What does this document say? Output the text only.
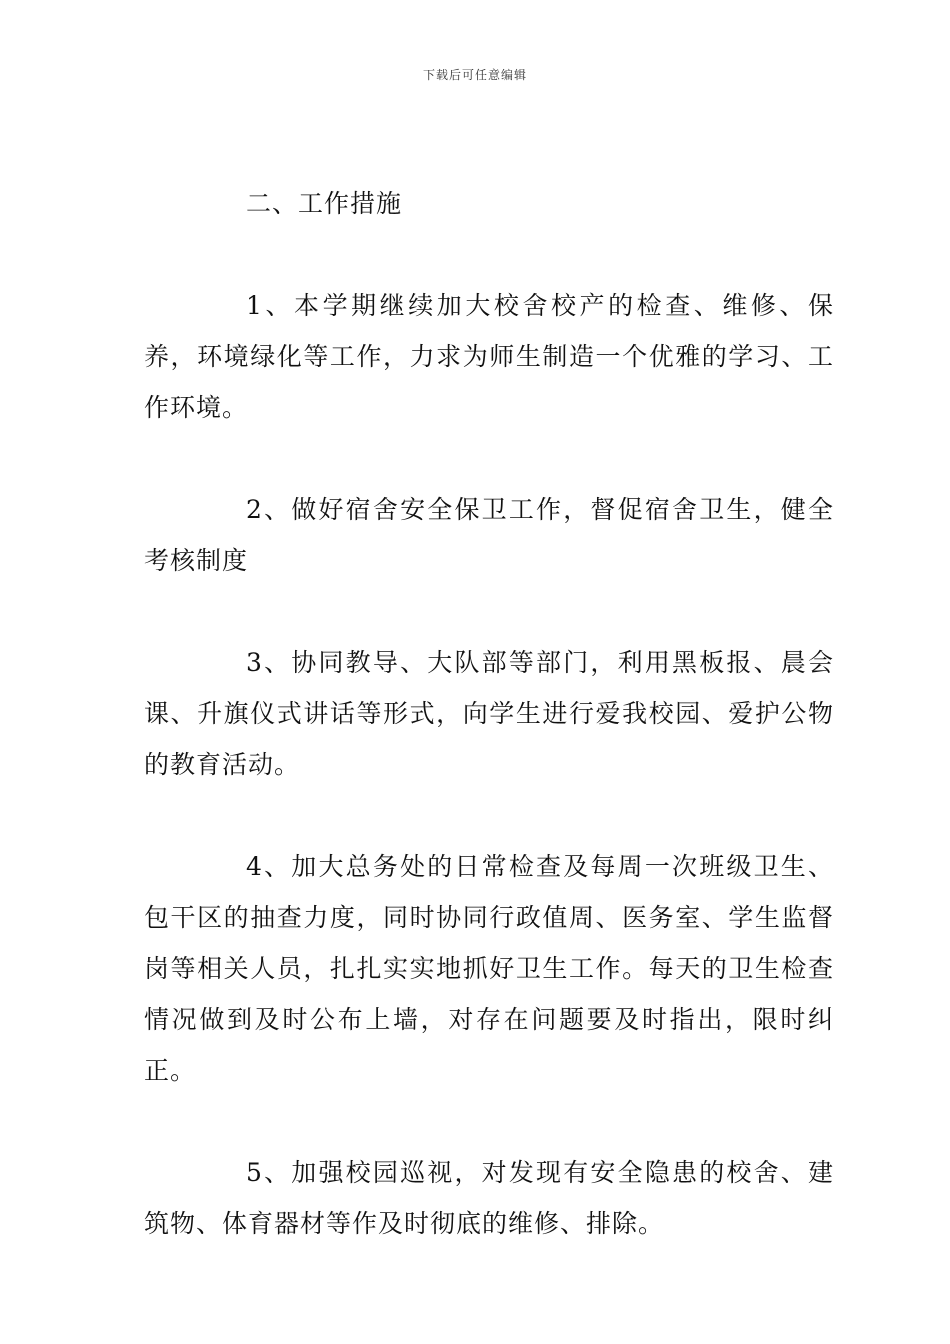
下载后可任意编辑
二、工作措施

1、本学期继续加大校舍校产的检查、维修、保养，环境绿化等工作，力求为师生制造一个优雅的学习、工作环境。

2、做好宿舍安全保卫工作，督促宿舍卫生，健全考核制度

3、协同教导、大队部等部门，利用黑板报、晨会课、升旗仪式讲话等形式，向学生进行爱我校园、爱护公物的教育活动。

4、加大总务处的日常检查及每周一次班级卫生、包干区的抽查力度，同时协同行政值周、医务室、学生监督岗等相关人员，扎扎实实地抓好卫生工作。每天的卫生检查情况做到及时公布上墙，对存在问题要及时指出，限时纠正。

5、加强校园巡视，对发现有安全隐患的校舍、建筑物、体育器材等作及时彻底的维修、排除。
